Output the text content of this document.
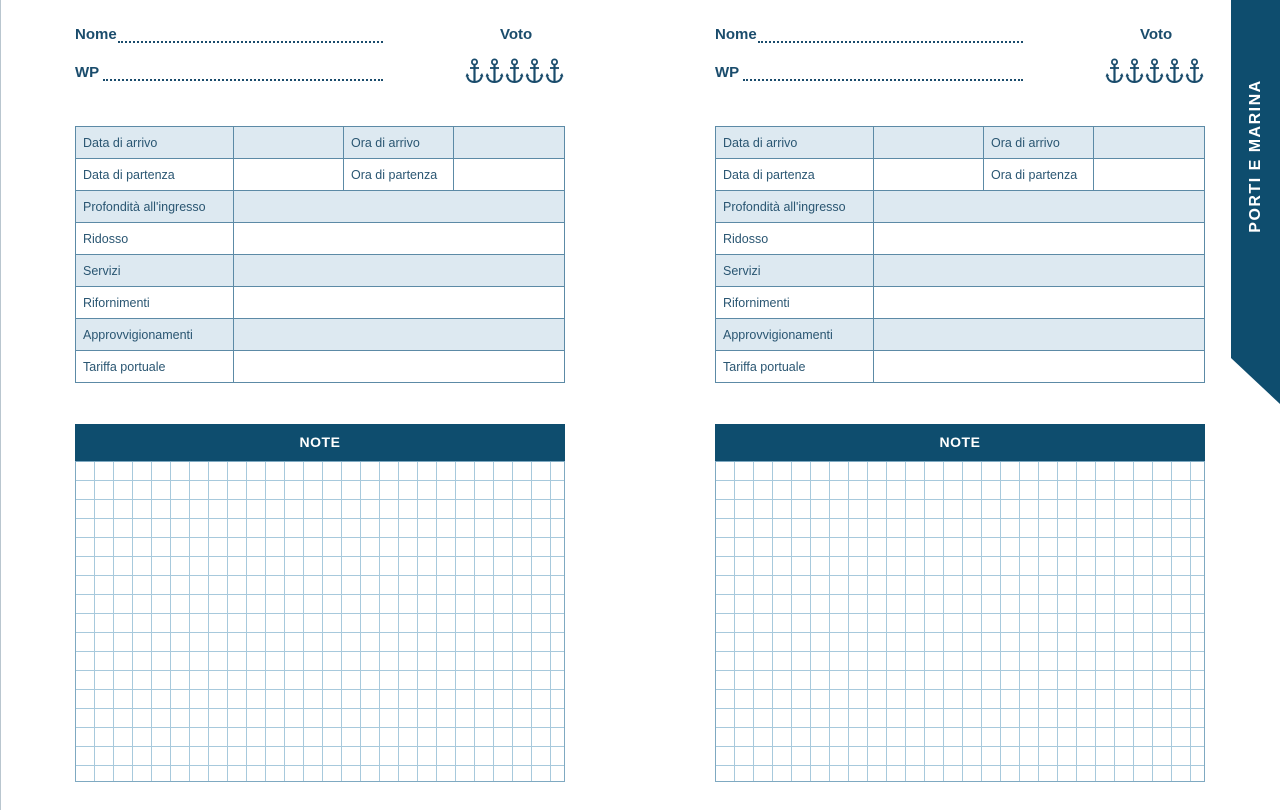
Nome	Voto
WP
Data di arrivo		Ora di arrivo	
Data di partenza		Ora di partenza	
Profondità all'ingresso			
Ridosso			
Servizi			
Rifornimenti			
Approvvigionamenti			
Tariffa portuale			
NOTE
Nome	Voto
WP
Data di arrivo		Ora di arrivo	
Data di partenza		Ora di partenza	
Profondità all'ingresso			
Ridosso			
Servizi			
Rifornimenti			
Approvvigionamenti			
Tariffa portuale			
NOTE
PORTI E MARINA
